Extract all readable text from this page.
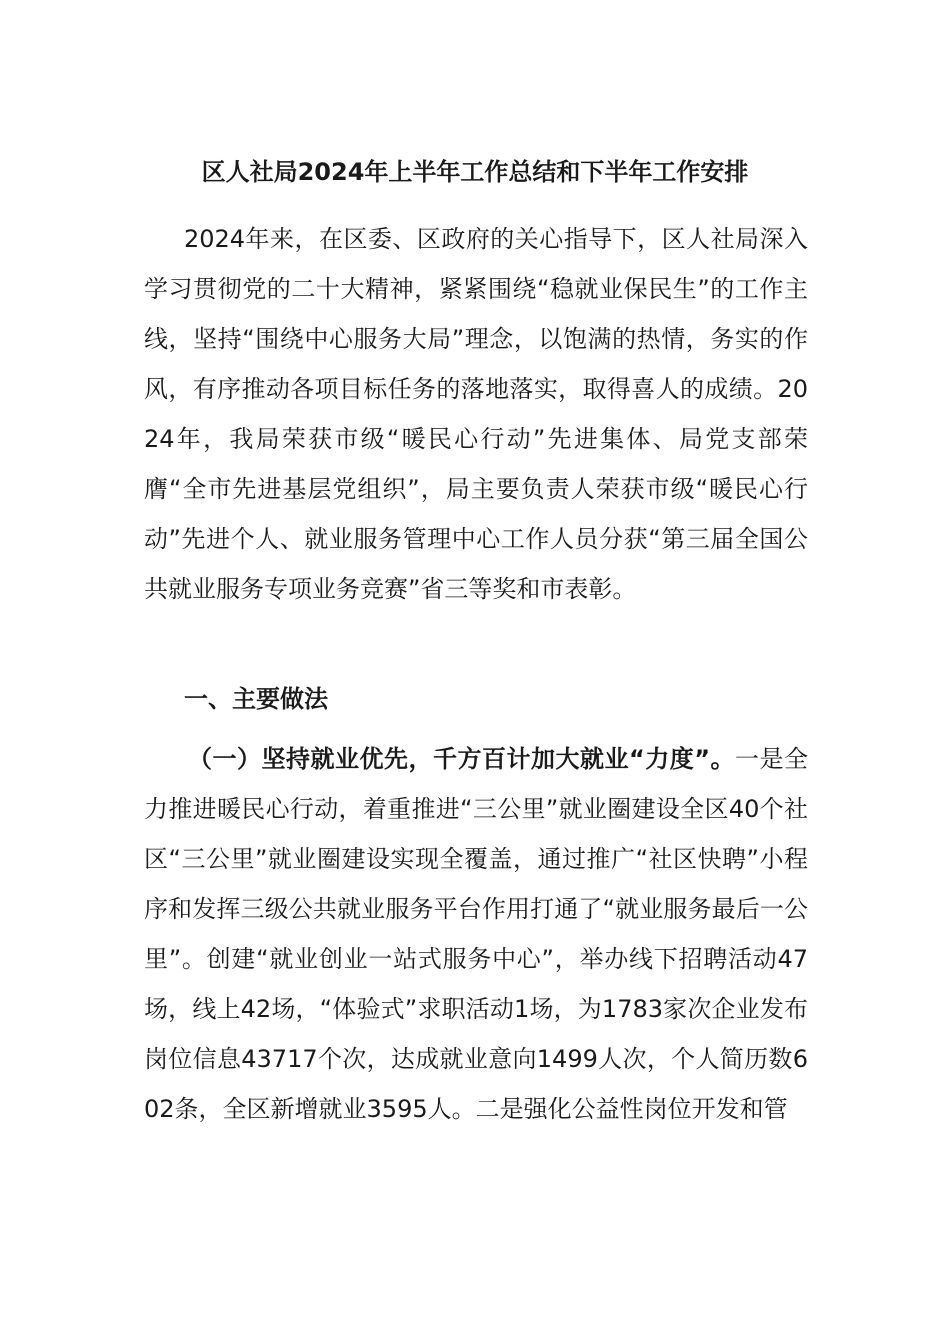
区人社局2024年上半年工作总结和下半年工作安排

2024年来，在区委、区政府的关心指导下，区人社局深入学习贯彻党的二十大精神，紧紧围绕“稳就业保民生”的工作主线，坚持“围绕中心服务大局”理念，以饱满的热情，务实的作风，有序推动各项目标任务的落地落实，取得喜人的成绩。2024年，我局荣获市级“暖民心行动”先进集体、局党支部荣膺“全市先进基层党组织”，局主要负责人荣获市级“暖民心行动”先进个人、就业服务管理中心工作人员分获“第三届全国公共就业服务专项业务竞赛”省三等奖和市表彰。

一、主要做法

（一）坚持就业优先，千方百计加大就业“力度”。一是全力推进暖民心行动，着重推进“三公里”就业圈建设全区40个社区“三公里”就业圈建设实现全覆盖，通过推广“社区快聘”小程序和发挥三级公共就业服务平台作用打通了“就业服务最后一公里”。创建“就业创业一站式服务中心”，举办线下招聘活动47场，线上42场，“体验式”求职活动1场，为1783家次企业发布岗位信息43717个次，达成就业意向1499人次，个人简历数602条，全区新增就业3595人。二是强化公益性岗位开发和管
